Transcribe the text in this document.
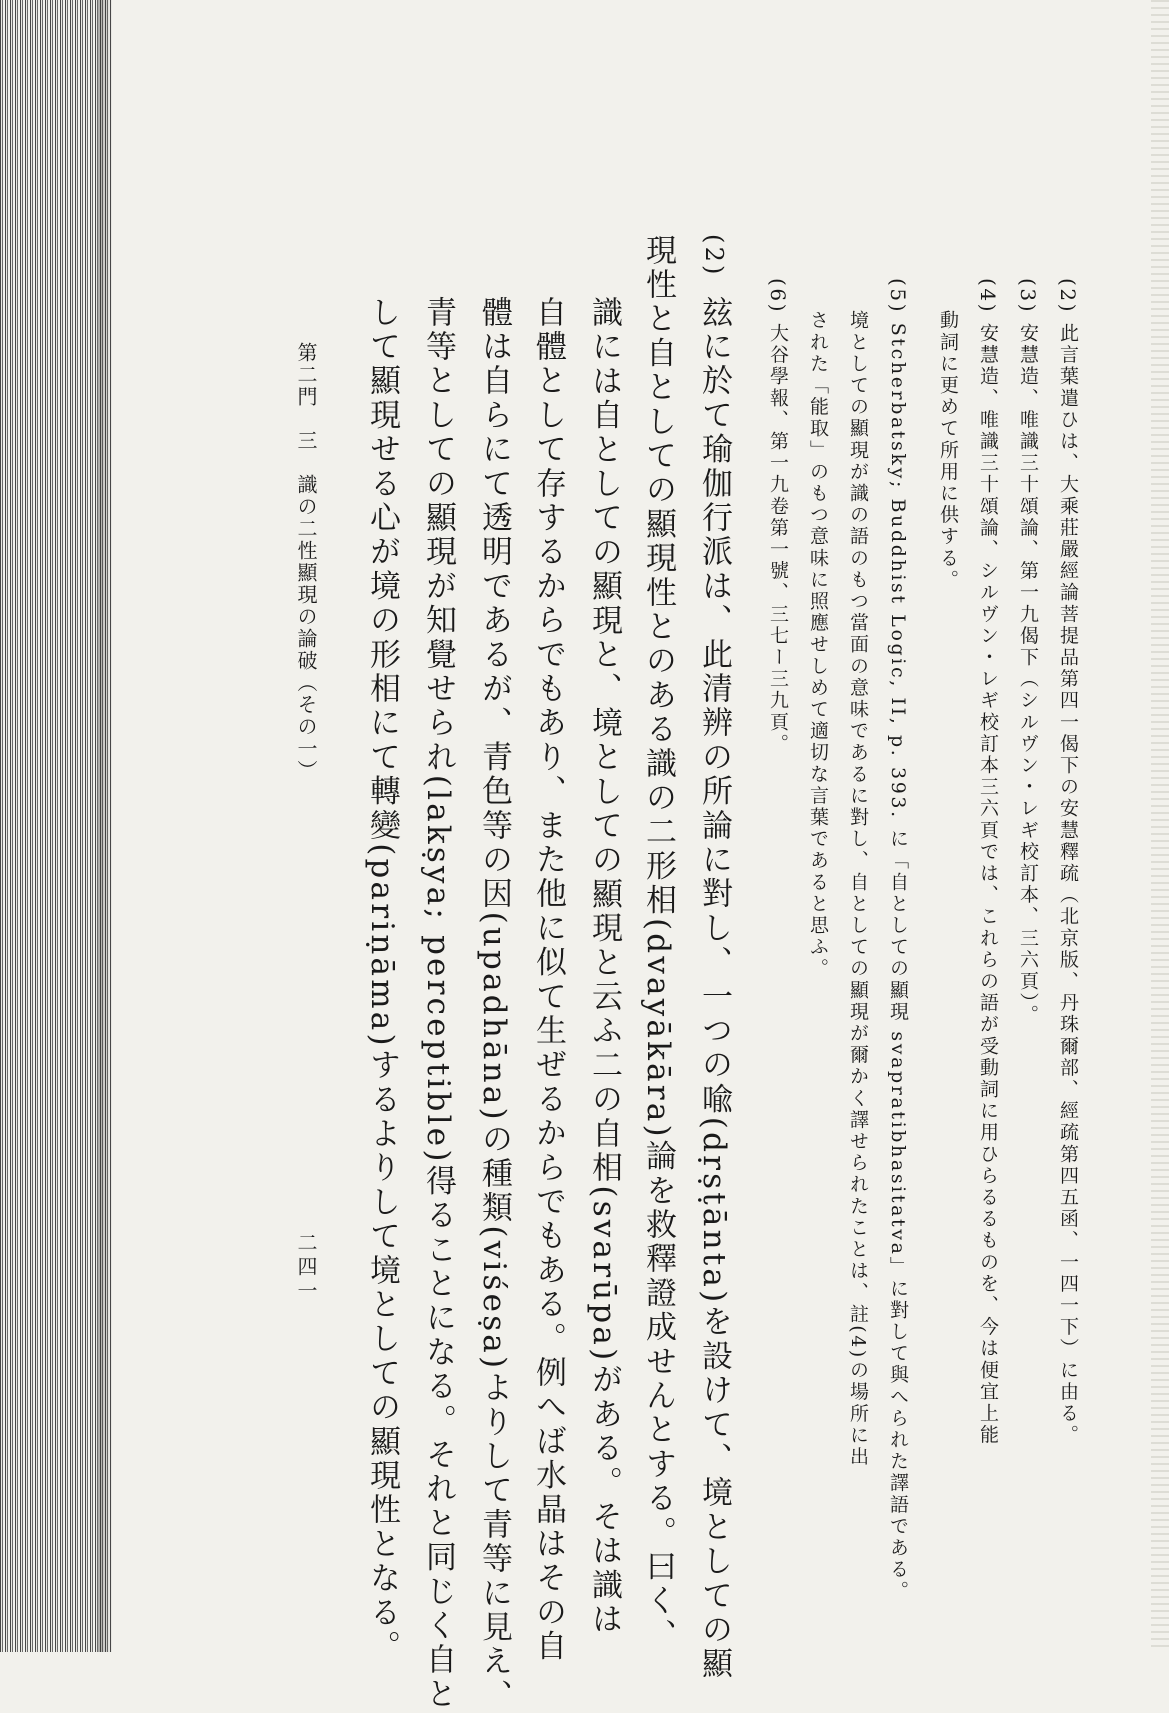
(2) 此言葉遣ひは、大乘莊嚴經論菩提品第四一偈下の安慧釋疏（北京版、丹珠爾部、經疏第四五函、一四一下）に由る。
(3) 安慧造、唯識三十頌論、第一九偈下（シルヴン・レギ校訂本、三六頁）。
(4) 安慧造、唯識三十頌論、シルヴン・レギ校訂本三六頁では、これらの語が受動詞に用ひらるるものを、今は便宜上能
動詞に更めて所用に供する。
(5) Stcherbatsky; Buddhist Logic, II, p. 393. に「自としての顯現 svapratibhasitatva」に對して與へられた譯語である。
境としての顯現が識の語のもつ當面の意味であるに對し、自としての顯現が爾かく譯せられたことは、註(4)の場所に出
された「能取」のもつ意味に照應せしめて適切な言葉であると思ふ。
(6) 大谷學報、第一九卷第一號、三七ー三九頁。
(2)
玆に於て瑜伽行派は、此清辨の所論に對し、一つの喩(dṛṣṭānta)を設けて、境としての顯
現性と自としての顯現性とのある識の二形相(dvayākāra)論を救釋證成せんとする。曰く、
　識には自としての顯現と、境としての顯現と云ふ二の自相(svarūpa)がある。そは識は
自體として存するからでもあり、また他に似て生ぜるからでもある。例へば水晶はその自
體は自らにて透明であるが、青色等の因(upadhāna)の種類(viśeṣa)よりして青等に見え、
青等としての顯現が知覺せられ(lakṣya; perceptible)得ることになる。それと同じく自と
して顯現せる心が境の形相にて轉變(pariṇāma)するよりして境としての顯現性となる。
第二門　三　識の二性顯現の論破（その一）
二四一
